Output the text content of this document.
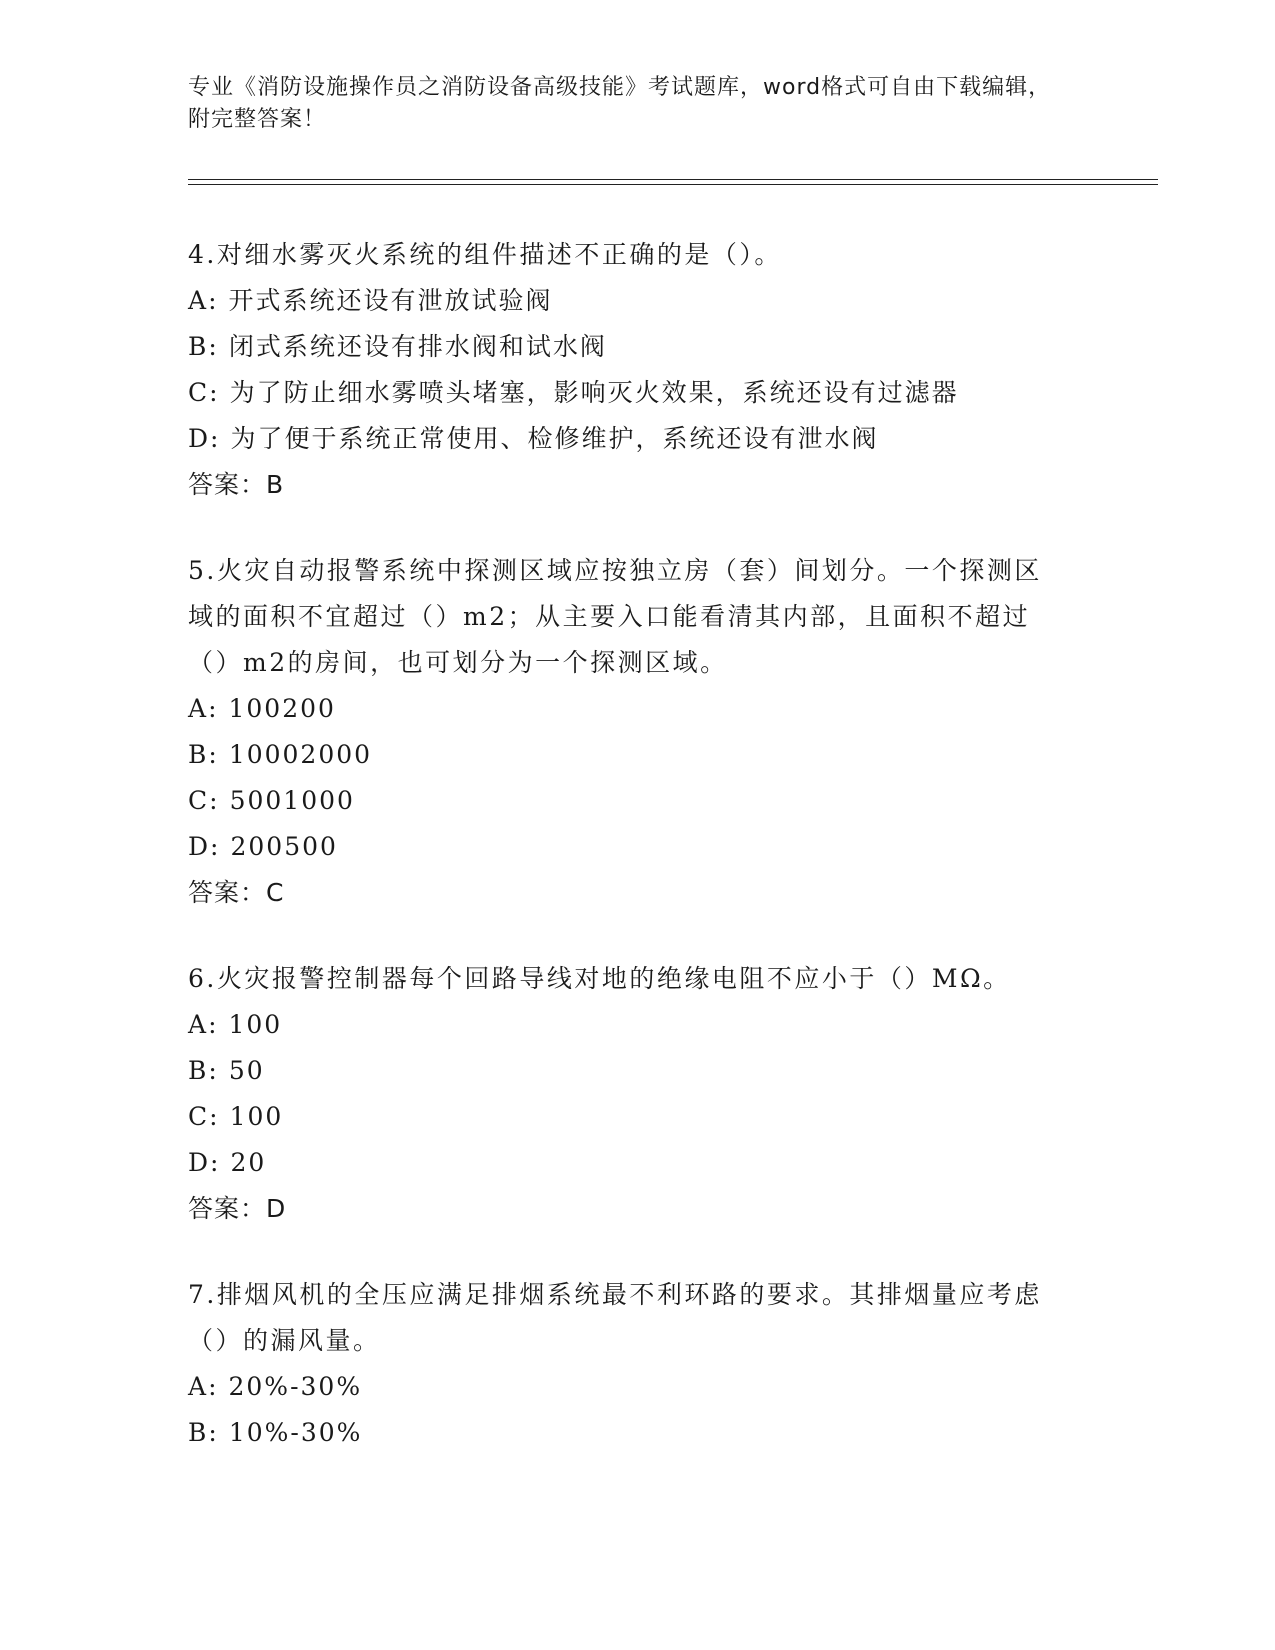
专业《消防设施操作员之消防设备高级技能》考试题库，word格式可自由下载编辑，附完整答案！
4.对细水雾灭火系统的组件描述不正确的是（）。
A: 开式系统还设有泄放试验阀
B: 闭式系统还设有排水阀和试水阀
C: 为了防止细水雾喷头堵塞，影响灭火效果，系统还设有过滤器
D: 为了便于系统正常使用、检修维护，系统还设有泄水阀
答案：B
5.火灾自动报警系统中探测区域应按独立房（套）间划分。一个探测区域的面积不宜超过（）m2；从主要入口能看清其内部，且面积不超过（）m2的房间，也可划分为一个探测区域。
A: 100200
B: 10002000
C: 5001000
D: 200500
答案：C
6.火灾报警控制器每个回路导线对地的绝缘电阻不应小于（）MΩ。
A: 100
B: 50
C: 100
D: 20
答案：D
7.排烟风机的全压应满足排烟系统最不利环路的要求。其排烟量应考虑（）的漏风量。
A: 20%-30%
B: 10%-30%
